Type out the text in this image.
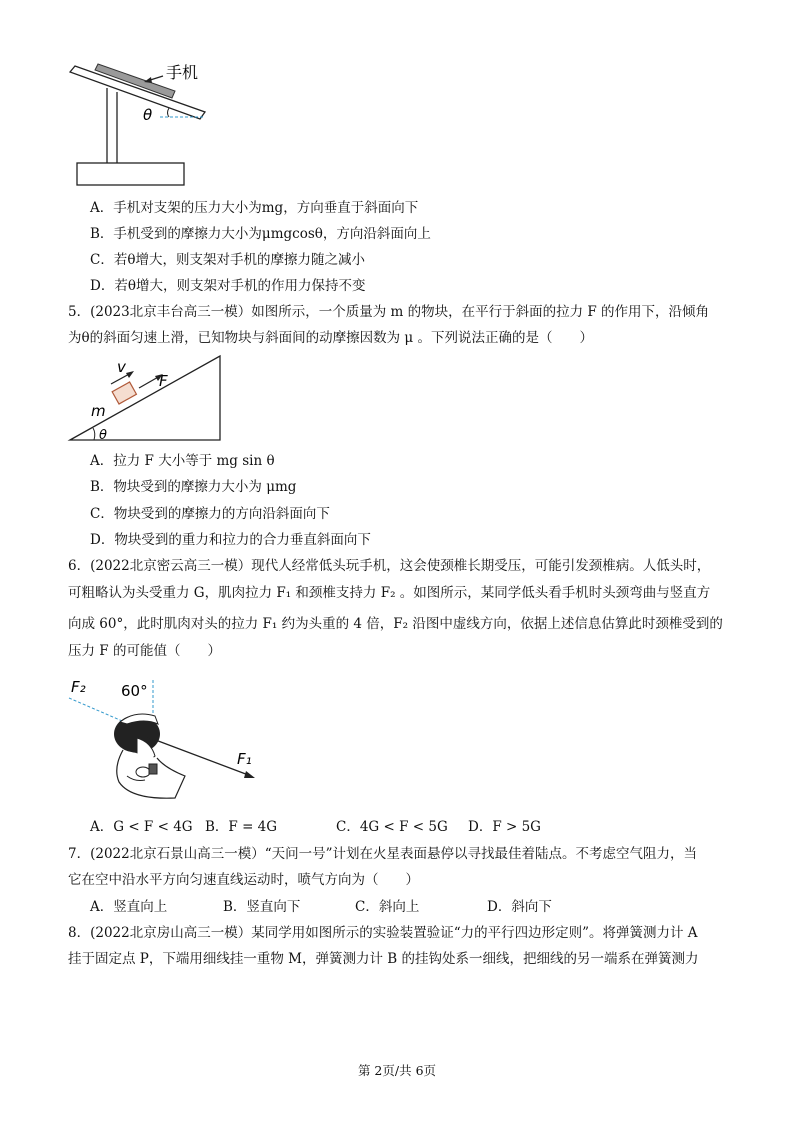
θ
手机
A．手机对支架的压力大小为mg，方向垂直于斜面向下
B．手机受到的摩擦力大小为μmgcosθ，方向沿斜面向上
C．若θ增大，则支架对手机的摩擦力随之减小
D．若θ增大，则支架对手机的作用力保持不变
5．(2023北京丰台高三一模）如图所示，一个质量为 m 的物块，在平行于斜面的拉力 F 的作用下，沿倾角
为θ的斜面匀速上滑，已知物块与斜面间的动摩擦因数为 μ 。下列说法正确的是（　　）
F
v
m
θ
A．拉力 F 大小等于 mg sin θ
B．物块受到的摩擦力大小为 μmg
C．物块受到的摩擦力的方向沿斜面向下
D．物块受到的重力和拉力的合力垂直斜面向下
6．(2022北京密云高三一模）现代人经常低头玩手机，这会使颈椎长期受压，可能引发颈椎病。人低头时，
可粗略认为头受重力 G，肌肉拉力 F₁ 和颈椎支持力 F₂ 。如图所示，某同学低头看手机时头颈弯曲与竖直方
向成 60°，此时肌肉对头的拉力 F₁ 约为头重的 4 倍，F₂ 沿图中虚线方向，依据上述信息估算此时颈椎受到的
压力 F 的可能值（　　）
F₂ 60°
F₁
A．G < F < 4G B．F = 4G	C．4G < F < 5G D．F > 5G
7．(2022北京石景山高三一模）“天问一号”计划在火星表面悬停以寻找最佳着陆点。不考虑空气阻力，当
它在空中沿水平方向匀速直线运动时，喷气方向为（　　）
A．竖直向上	B．竖直向下	C．斜向上	D．斜向下
8．(2022北京房山高三一模）某同学用如图所示的实验装置验证“力的平行四边形定则”。将弹簧测力计 A
挂于固定点 P，下端用细线挂一重物 M，弹簧测力计 B 的挂钩处系一细线，把细线的另一端系在弹簧测力
第 2页/共 6页
